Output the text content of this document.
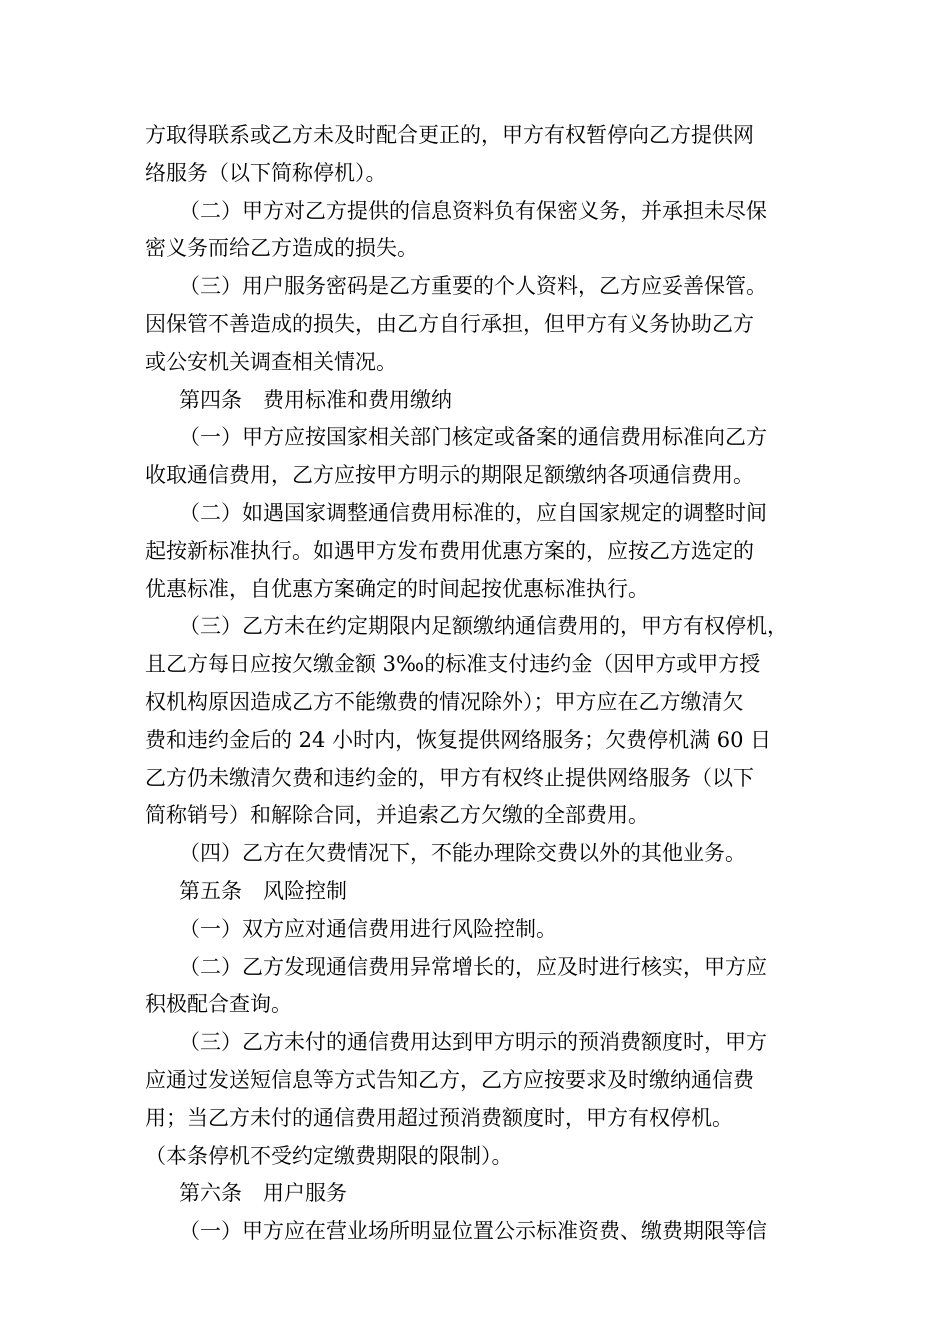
方取得联系或乙方未及时配合更正的，甲方有权暂停向乙方提供网
络服务（以下简称停机）。
（二）甲方对乙方提供的信息资料负有保密义务，并承担未尽保
密义务而给乙方造成的损失。
（三）用户服务密码是乙方重要的个人资料，乙方应妥善保管。
因保管不善造成的损失，由乙方自行承担，但甲方有义务协助乙方
或公安机关调查相关情况。
第四条　费用标准和费用缴纳
（一）甲方应按国家相关部门核定或备案的通信费用标准向乙方
收取通信费用，乙方应按甲方明示的期限足额缴纳各项通信费用。
（二）如遇国家调整通信费用标准的，应自国家规定的调整时间
起按新标准执行。如遇甲方发布费用优惠方案的，应按乙方选定的
优惠标准，自优惠方案确定的时间起按优惠标准执行。
（三）乙方未在约定期限内足额缴纳通信费用的，甲方有权停机，
且乙方每日应按欠缴金额 3‰的标准支付违约金（因甲方或甲方授
权机构原因造成乙方不能缴费的情况除外）；甲方应在乙方缴清欠
费和违约金后的 24 小时内，恢复提供网络服务；欠费停机满 60 日
乙方仍未缴清欠费和违约金的，甲方有权终止提供网络服务（以下
简称销号）和解除合同，并追索乙方欠缴的全部费用。
（四）乙方在欠费情况下，不能办理除交费以外的其他业务。
第五条　风险控制
（一）双方应对通信费用进行风险控制。
（二）乙方发现通信费用异常增长的，应及时进行核实，甲方应
积极配合查询。
（三）乙方未付的通信费用达到甲方明示的预消费额度时，甲方
应通过发送短信息等方式告知乙方，乙方应按要求及时缴纳通信费
用；当乙方未付的通信费用超过预消费额度时，甲方有权停机。
（本条停机不受约定缴费期限的限制）。
第六条　用户服务
（一）甲方应在营业场所明显位置公示标准资费、缴费期限等信
